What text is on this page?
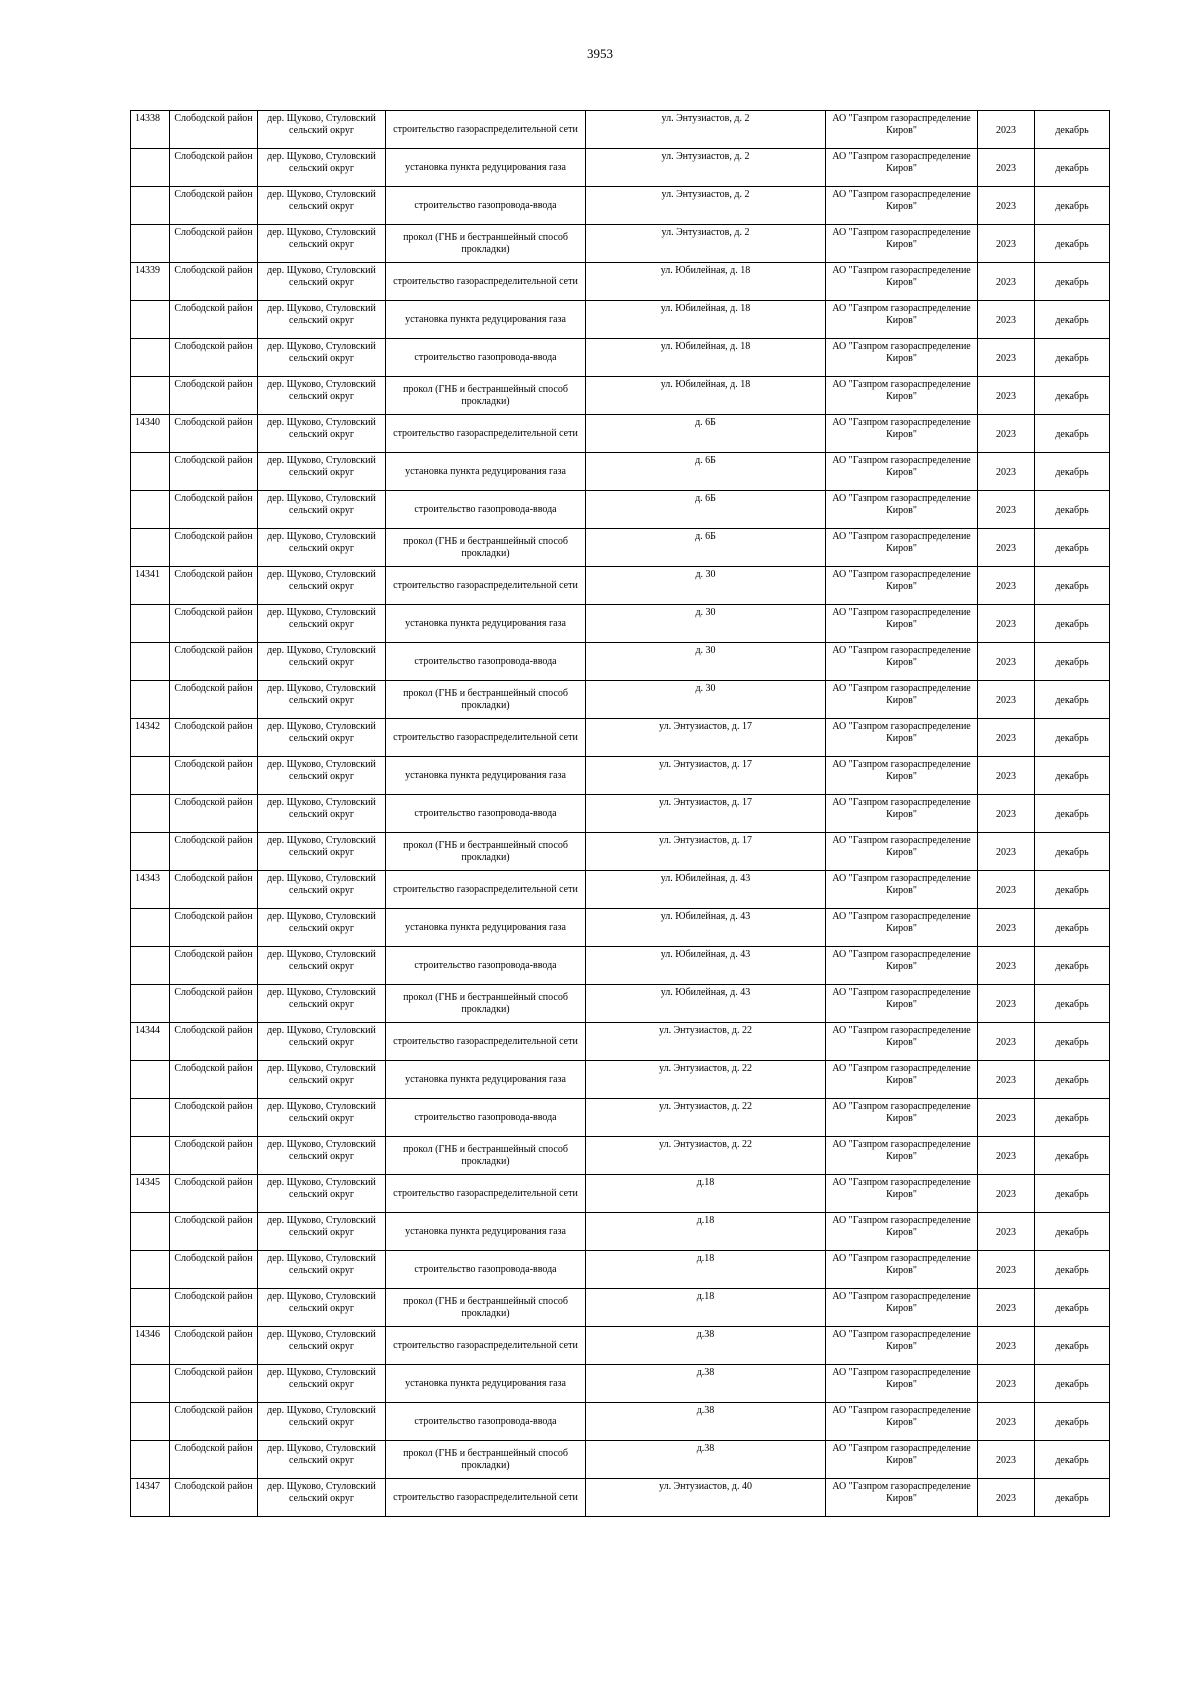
3953
14338	Слободской район	дер. Щуково, Стуловский сельский округ	строительство газораспределительной сети	ул. Энтузиастов, д. 2	АО "Газпром газораспределение Киров"	2023	декабрь
	Слободской район	дер. Щуково, Стуловский сельский округ	установка пункта редуцирования газа	ул. Энтузиастов, д. 2	АО "Газпром газораспределение Киров"	2023	декабрь
	Слободской район	дер. Щуково, Стуловский сельский округ	строительство газопровода-ввода	ул. Энтузиастов, д. 2	АО "Газпром газораспределение Киров"	2023	декабрь
	Слободской район	дер. Щуково, Стуловский сельский округ	прокол (ГНБ и бестраншейный способ прокладки)	ул. Энтузиастов, д. 2	АО "Газпром газораспределение Киров"	2023	декабрь
14339	Слободской район	дер. Щуково, Стуловский сельский округ	строительство газораспределительной сети	ул. Юбилейная, д. 18	АО "Газпром газораспределение Киров"	2023	декабрь
	Слободской район	дер. Щуково, Стуловский сельский округ	установка пункта редуцирования газа	ул. Юбилейная, д. 18	АО "Газпром газораспределение Киров"	2023	декабрь
	Слободской район	дер. Щуково, Стуловский сельский округ	строительство газопровода-ввода	ул. Юбилейная, д. 18	АО "Газпром газораспределение Киров"	2023	декабрь
	Слободской район	дер. Щуково, Стуловский сельский округ	прокол (ГНБ и бестраншейный способ прокладки)	ул. Юбилейная, д. 18	АО "Газпром газораспределение Киров"	2023	декабрь
14340	Слободской район	дер. Щуково, Стуловский сельский округ	строительство газораспределительной сети	д. 6Б	АО "Газпром газораспределение Киров"	2023	декабрь
	Слободской район	дер. Щуково, Стуловский сельский округ	установка пункта редуцирования газа	д. 6Б	АО "Газпром газораспределение Киров"	2023	декабрь
	Слободской район	дер. Щуково, Стуловский сельский округ	строительство газопровода-ввода	д. 6Б	АО "Газпром газораспределение Киров"	2023	декабрь
	Слободской район	дер. Щуково, Стуловский сельский округ	прокол (ГНБ и бестраншейный способ прокладки)	д. 6Б	АО "Газпром газораспределение Киров"	2023	декабрь
14341	Слободской район	дер. Щуково, Стуловский сельский округ	строительство газораспределительной сети	д. 30	АО "Газпром газораспределение Киров"	2023	декабрь
	Слободской район	дер. Щуково, Стуловский сельский округ	установка пункта редуцирования газа	д. 30	АО "Газпром газораспределение Киров"	2023	декабрь
	Слободской район	дер. Щуково, Стуловский сельский округ	строительство газопровода-ввода	д. 30	АО "Газпром газораспределение Киров"	2023	декабрь
	Слободской район	дер. Щуково, Стуловский сельский округ	прокол (ГНБ и бестраншейный способ прокладки)	д. 30	АО "Газпром газораспределение Киров"	2023	декабрь
14342	Слободской район	дер. Щуково, Стуловский сельский округ	строительство газораспределительной сети	ул. Энтузиастов, д. 17	АО "Газпром газораспределение Киров"	2023	декабрь
	Слободской район	дер. Щуково, Стуловский сельский округ	установка пункта редуцирования газа	ул. Энтузиастов, д. 17	АО "Газпром газораспределение Киров"	2023	декабрь
	Слободской район	дер. Щуково, Стуловский сельский округ	строительство газопровода-ввода	ул. Энтузиастов, д. 17	АО "Газпром газораспределение Киров"	2023	декабрь
	Слободской район	дер. Щуково, Стуловский сельский округ	прокол (ГНБ и бестраншейный способ прокладки)	ул. Энтузиастов, д. 17	АО "Газпром газораспределение Киров"	2023	декабрь
14343	Слободской район	дер. Щуково, Стуловский сельский округ	строительство газораспределительной сети	ул. Юбилейная, д. 43	АО "Газпром газораспределение Киров"	2023	декабрь
	Слободской район	дер. Щуково, Стуловский сельский округ	установка пункта редуцирования газа	ул. Юбилейная, д. 43	АО "Газпром газораспределение Киров"	2023	декабрь
	Слободской район	дер. Щуково, Стуловский сельский округ	строительство газопровода-ввода	ул. Юбилейная, д. 43	АО "Газпром газораспределение Киров"	2023	декабрь
	Слободской район	дер. Щуково, Стуловский сельский округ	прокол (ГНБ и бестраншейный способ прокладки)	ул. Юбилейная, д. 43	АО "Газпром газораспределение Киров"	2023	декабрь
14344	Слободской район	дер. Щуково, Стуловский сельский округ	строительство газораспределительной сети	ул. Энтузиастов, д. 22	АО "Газпром газораспределение Киров"	2023	декабрь
	Слободской район	дер. Щуково, Стуловский сельский округ	установка пункта редуцирования газа	ул. Энтузиастов, д. 22	АО "Газпром газораспределение Киров"	2023	декабрь
	Слободской район	дер. Щуково, Стуловский сельский округ	строительство газопровода-ввода	ул. Энтузиастов, д. 22	АО "Газпром газораспределение Киров"	2023	декабрь
	Слободской район	дер. Щуково, Стуловский сельский округ	прокол (ГНБ и бестраншейный способ прокладки)	ул. Энтузиастов, д. 22	АО "Газпром газораспределение Киров"	2023	декабрь
14345	Слободской район	дер. Щуково, Стуловский сельский округ	строительство газораспределительной сети	д.18	АО "Газпром газораспределение Киров"	2023	декабрь
	Слободской район	дер. Щуково, Стуловский сельский округ	установка пункта редуцирования газа	д.18	АО "Газпром газораспределение Киров"	2023	декабрь
	Слободской район	дер. Щуково, Стуловский сельский округ	строительство газопровода-ввода	д.18	АО "Газпром газораспределение Киров"	2023	декабрь
	Слободской район	дер. Щуково, Стуловский сельский округ	прокол (ГНБ и бестраншейный способ прокладки)	д.18	АО "Газпром газораспределение Киров"	2023	декабрь
14346	Слободской район	дер. Щуково, Стуловский сельский округ	строительство газораспределительной сети	д.38	АО "Газпром газораспределение Киров"	2023	декабрь
	Слободской район	дер. Щуково, Стуловский сельский округ	установка пункта редуцирования газа	д.38	АО "Газпром газораспределение Киров"	2023	декабрь
	Слободской район	дер. Щуково, Стуловский сельский округ	строительство газопровода-ввода	д.38	АО "Газпром газораспределение Киров"	2023	декабрь
	Слободской район	дер. Щуково, Стуловский сельский округ	прокол (ГНБ и бестраншейный способ прокладки)	д.38	АО "Газпром газораспределение Киров"	2023	декабрь
14347	Слободской район	дер. Щуково, Стуловский сельский округ	строительство газораспределительной сети	ул. Энтузиастов, д. 40	АО "Газпром газораспределение Киров"	2023	декабрь
